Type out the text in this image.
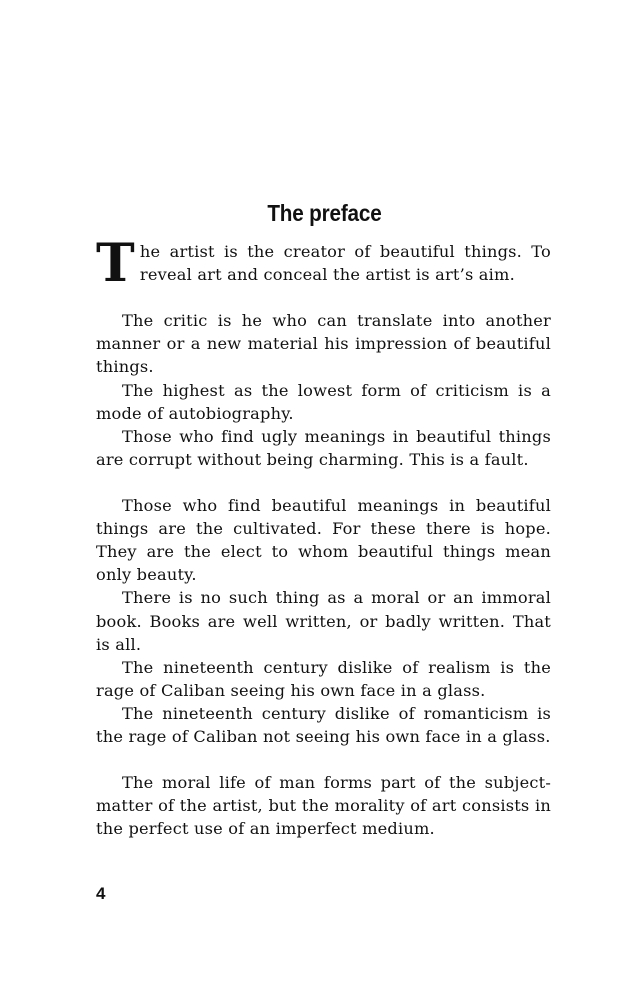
The preface

The artist is the creator of beautiful things. To reveal art and conceal the artist is art’s aim.

The critic is he who can translate into another manner or a new material his impression of beautiful things.

The highest as the lowest form of criticism is a mode of autobiography.

Those who find ugly meanings in beautiful things are corrupt without being charming. This is a fault.

Those who find beautiful meanings in beautiful things are the cultivated. For these there is hope. They are the elect to whom beautiful things mean only beauty.

There is no such thing as a moral or an immoral book. Books are well written, or badly written. That is all.

The nineteenth century dislike of realism is the rage of Caliban seeing his own face in a glass.

The nineteenth century dislike of romanticism is the rage of Caliban not seeing his own face in a glass.

The moral life of man forms part of the subject-matter of the artist, but the morality of art consists in the perfect use of an imperfect medium.

4
